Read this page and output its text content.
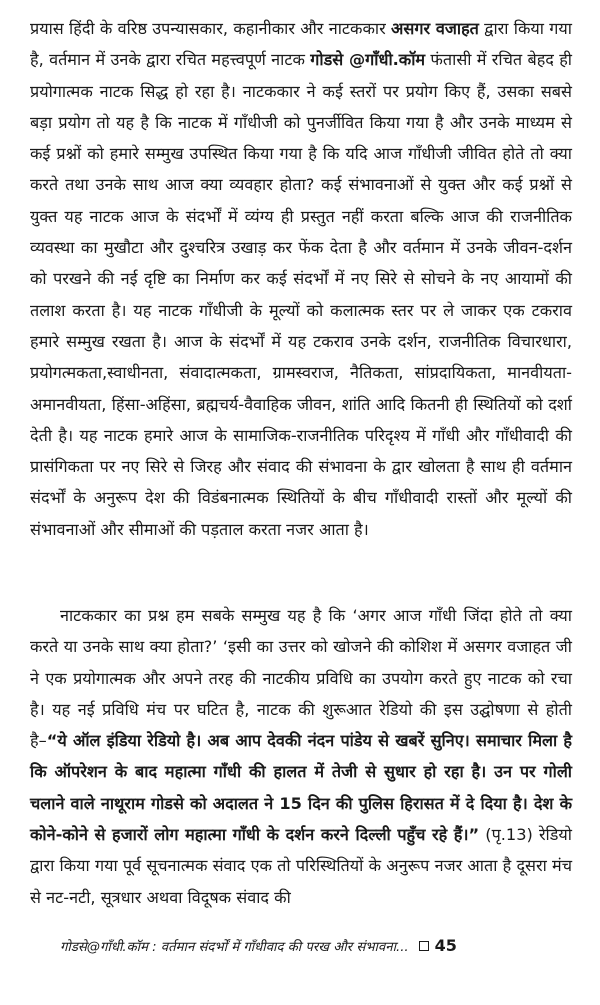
प्रयास हिंदी के वरिष्ठ उपन्यासकार, कहानीकार और नाटककार असगर वजाहत द्वारा किया गया है, वर्तमान में उनके द्वारा रचित महत्त्वपूर्ण नाटक गोडसे @गाँधी.कॉम फंतासी में रचित बेहद ही प्रयोगात्मक नाटक सिद्ध हो रहा है। नाटककार ने कई स्तरों पर प्रयोग किए हैं, उसका सबसे बड़ा प्रयोग तो यह है कि नाटक में गाँधीजी को पुनर्जीवित किया गया है और उनके माध्यम से कई प्रश्नों को हमारे सम्मुख उपस्थित किया गया है कि यदि आज गाँधीजी जीवित होते तो क्या करते तथा उनके साथ आज क्या व्यवहार होता? कई संभावनाओं से युक्त और कई प्रश्नों से युक्त यह नाटक आज के संदर्भों में व्यंग्य ही प्रस्तुत नहीं करता बल्कि आज की राजनीतिक व्यवस्था का मुखौटा और दुश्चरित्र उखाड़ कर फेंक देता है और वर्तमान में उनके जीवन-दर्शन को परखने की नई दृष्टि का निर्माण कर कई संदर्भों में नए सिरे से सोचने के नए आयामों की तलाश करता है। यह नाटक गाँधीजी के मूल्यों को कलात्मक स्तर पर ले जाकर एक टकराव हमारे सम्मुख रखता है। आज के संदर्भों में यह टकराव उनके दर्शन, राजनीतिक विचारधारा, प्रयोगत्मकता,स्वाधीनता, संवादात्मकता, ग्रामस्वराज, नैतिकता, सांप्रदायिकता, मानवीयता-अमानवीयता, हिंसा-अहिंसा, ब्रह्मचर्य-वैवाहिक जीवन, शांति आदि कितनी ही स्थितियों को दर्शा देती है। यह नाटक हमारे आज के सामाजिक-राजनीतिक परिदृश्य में गाँधी और गाँधीवादी की प्रासंगिकता पर नए सिरे से जिरह और संवाद की संभावना के द्वार खोलता है साथ ही वर्तमान संदर्भों के अनुरूप देश की विडंबनात्मक स्थितियों के बीच गाँधीवादी रास्तों और मूल्यों की संभावनाओं और सीमाओं की पड़ताल करता नजर आता है।

नाटककार का प्रश्न हम सबके सम्मुख यह है कि ‘अगर आज गाँधी जिंदा होते तो क्या करते या उनके साथ क्या होता?’ ‘इसी का उत्तर को खोजने की कोशिश में असगर वजाहत जी ने एक प्रयोगात्मक और अपने तरह की नाटकीय प्रविधि का उपयोग करते हुए नाटक को रचा है। यह नई प्रविधि मंच पर घटित है, नाटक की शुरूआत रेडियो की इस उद्घोषणा से होती है–“ये ऑल इंडिया रेडियो है। अब आप देवकी नंदन पांडेय से खबरें सुनिए। समाचार मिला है कि ऑपरेशन के बाद महात्मा गाँधी की हालत में तेजी से सुधार हो रहा है। उन पर गोली चलाने वाले नाथूराम गोडसे को अदालत ने 15 दिन की पुलिस हिरासत में दे दिया है। देश के कोने-कोने से हजारों लोग महात्मा गाँधी के दर्शन करने दिल्ली पहुँच रहे हैं।” (पृ.13) रेडियो द्वारा किया गया पूर्व सूचनात्मक संवाद एक तो परिस्थितियों के अनुरूप नजर आता है दूसरा मंच से नट-नटी, सूत्रधार अथवा विदूषक संवाद की

गोडसे@गाँधी.कॉम : वर्तमान संदर्भों में गाँधीवाद की परख और संभावना... 45
